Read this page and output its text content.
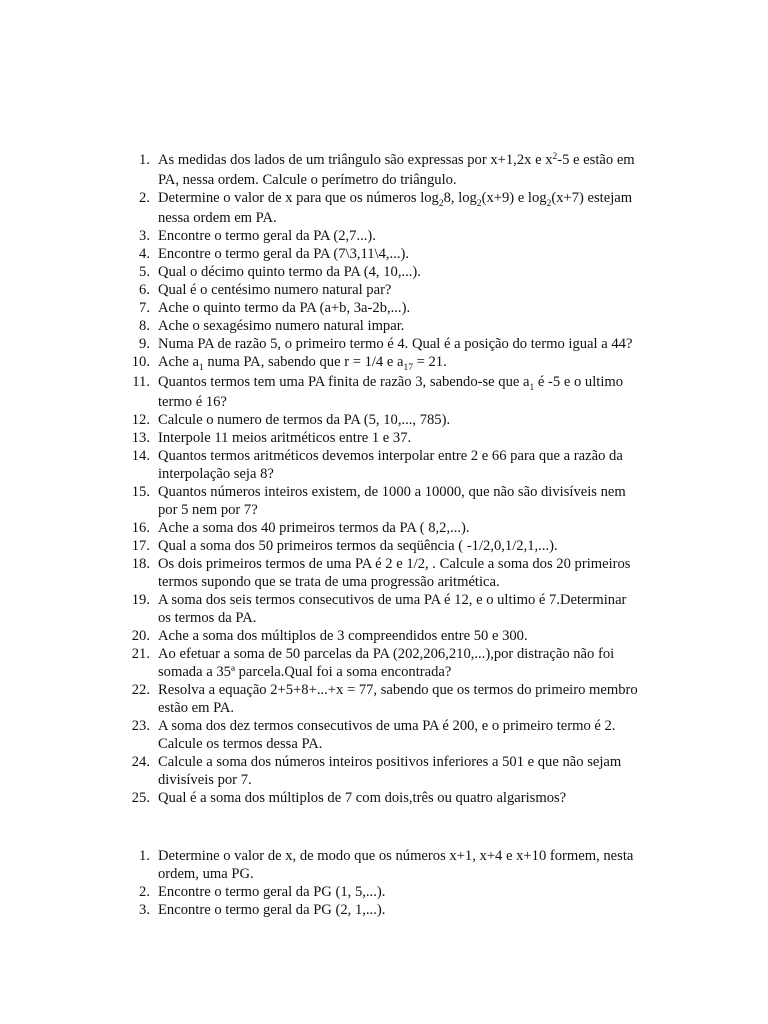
1. As medidas dos lados de um triângulo são expressas por x+1,2x e $x^2-5$ e estão em
PA, nessa ordem. Calcule o perímetro do triângulo.
2. Determine o valor de x para que os números $\log_28$, $\log_2(x+9)$ e $\log_2(x+7)$ estejam
nessa ordem em PA.
3. Encontre o termo geral da PA (2,7...).
4. Encontre o termo geral da PA (7\3,11\4,...).
5. Qual o décimo quinto termo da PA (4, 10,...).
6. Qual é o centésimo numero natural par?
7. Ache o quinto termo da PA (a+b, 3a-2b,...).
8. Ache o sexagésimo numero natural impar.
9. Numa PA de razão 5, o primeiro termo é 4. Qual é a posição do termo igual a 44?
10. Ache $a_1$ numa PA, sabendo que r = 1/4 e $a_{17} = 21$.
11. Quantos termos tem uma PA finita de razão 3, sabendo-se que $a_1$ é -5 e o ultimo
termo é 16?
12. Calcule o numero de termos da PA (5, 10,..., 785).
13. Interpole 11 meios aritméticos entre 1 e 37.
14. Quantos termos aritméticos devemos interpolar entre 2 e 66 para que a razão da
interpolação seja 8?
15. Quantos números inteiros existem, de 1000 a 10000, que não são divisíveis nem
por 5 nem por 7?
16. Ache a soma dos 40 primeiros termos da PA ( 8,2,...).
17. Qual a soma dos 50 primeiros termos da seqüência ( -1/2,0,1/2,1,...).
18. Os dois primeiros termos de uma PA é 2 e 1/2, . Calcule a soma dos 20 primeiros
termos supondo que se trata de uma progressão aritmética.
19. A soma dos seis termos consecutivos de uma PA é 12, e o ultimo é 7.Determinar
os termos da PA.
20. Ache a soma dos múltiplos de 3 compreendidos entre 50 e 300.
21. Ao efetuar a soma de 50 parcelas da PA (202,206,210,...),por distração não foi
somada a 35ª parcela.Qual foi a soma encontrada?
22. Resolva a equação 2+5+8+...+x = 77, sabendo que os termos do primeiro membro
estão em PA.
23. A soma dos dez termos consecutivos de uma PA é 200, e o primeiro termo é 2.
Calcule os termos dessa PA.
24. Calcule a soma dos números inteiros positivos inferiores a 501 e que não sejam
divisíveis por 7.
25. Qual é a soma dos múltiplos de 7 com dois,três ou quatro algarismos?
1. Determine o valor de x, de modo que os números x+1, x+4 e x+10 formem, nesta
ordem, uma PG.
2. Encontre o termo geral da PG (1, 5,...).
3. Encontre o termo geral da PG (2, 1,...).
